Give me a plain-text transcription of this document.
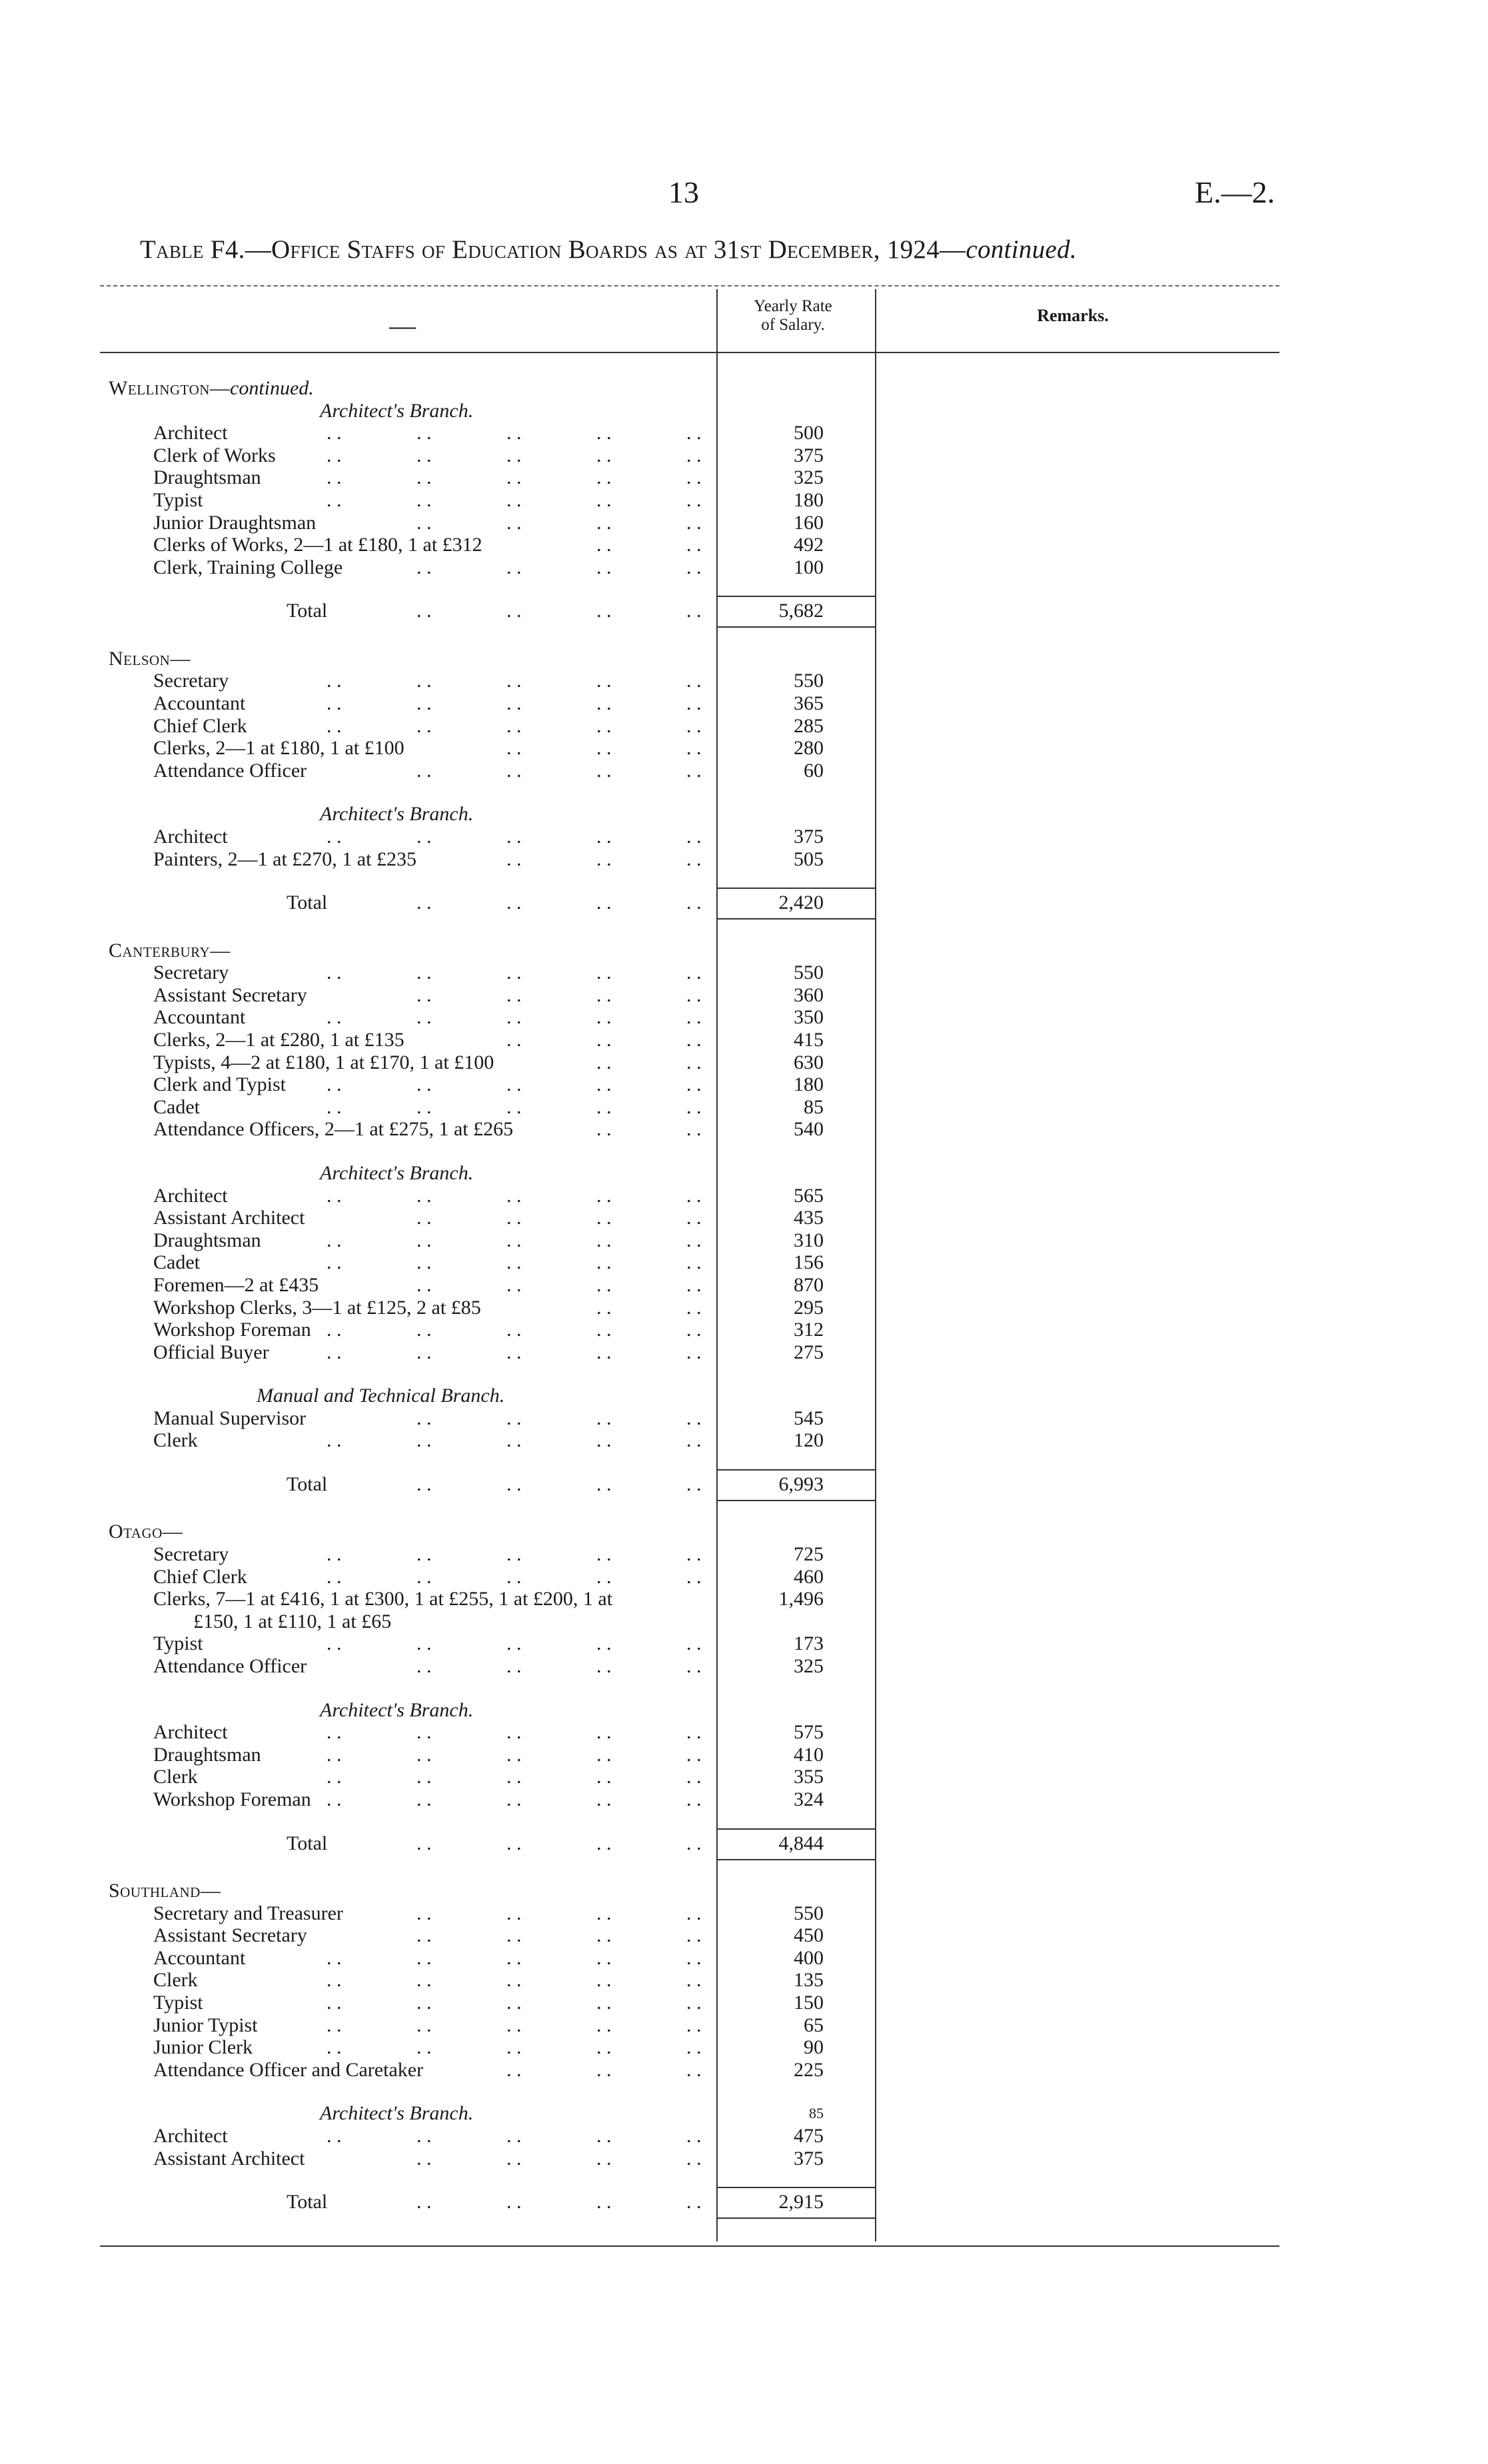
13	E.—2.
Table F4.—Office Staffs of Education Boards as at 31st December, 1924—continued.
—
Yearly Rate
of Salary.	Remarks.
Wellington— continued.
Architect's Branch.
Architect	. .	. .	. .	. .	. .	500
Clerk of Works	. .	. .	. .	. .	. .	375
Draughtsman	. .	. .	. .	. .	. .	325
Typist	. .	. .	. .	. .	. .	180
Junior Draughtsman	. .	. .	. .	. .	160
Clerks of Works, 2—1 at £180, 1 at £312	. .	. .	492
Clerk, Training College	. .	. .	. .	. .	100
Total	. .	. .	. .	. .	5,682
Nelson—
Secretary	. .	. .	. .	. .	. .	550
Accountant	. .	. .	. .	. .	. .	365
Chief Clerk	. .	. .	. .	. .	. .	285
Clerks, 2—1 at £180, 1 at £100	. .	. .	. .	280
Attendance Officer	. .	. .	. .	. .	60
Architect's Branch.
Architect	. .	. .	. .	. .	. .	375
Painters, 2—1 at £270, 1 at £235	. .	. .	. .	505
Total	. .	. .	. .	. .	2,420
Canterbury—
Secretary	. .	. .	. .	. .	. .	550
Assistant Secretary	. .	. .	. .	. .	360
Accountant	. .	. .	. .	. .	. .	350
Clerks, 2—1 at £280, 1 at £135	. .	. .	. .	415
Typists, 4—2 at £180, 1 at £170, 1 at £100	. .	. .	630
Clerk and Typist . .	. .	. .	. .	. .	180
Cadet	. .	. .	. .	. .	. .	85
Attendance Officers, 2—1 at £275, 1 at £265	. .	. .	540
Architect's Branch.
Architect	. .	. .	. .	. .	. .	565
Assistant Architect	. .	. .	. .	. .	435
Draughtsman	. .	. .	. .	. .	. .	310
Cadet	. .	. .	. .	. .	. .	156
Foremen—2 at £435	. .	. .	. .	. .	870
Workshop Clerks, 3—1 at £125, 2 at £85	. .	. .	295
Workshop Foreman . .	. .	. .	. .	. .	312
Official Buyer	. .	. .	. .	. .	. .	275
Manual and Technical Branch.
Manual Supervisor	. .	. .	. .	. .	545
Clerk	. .	. .	. .	. .	. .	120
Total	. .	. .	. .	. .	6,993
Otago—
Secretary	. .	. .	. .	. .	. .	725
Chief Clerk	. .	. .	. .	. .	. .	460
Clerks, 7—1 at £416, 1 at £300, 1 at £255, 1 at £200, 1 at	1,496
£150, 1 at £110, 1 at £65
Typist	. .	. .	. .	. .	. .	173
Attendance Officer	. .	. .	. .	. .	325
Architect's Branch.
Architect	. .	. .	. .	. .	. .	575
Draughtsman	. .	. .	. .	. .	. .	410
Clerk	. .	. .	. .	. .	. .	355
Workshop Foreman . .	. .	. .	. .	. .	324
Total	. .	. .	. .	. .	4,844
Southland—
Secretary and Treasurer	. .	. .	. .	. .	550
Assistant Secretary	. .	. .	. .	. .	450
Accountant	. .	. .	. .	. .	. .	400
Clerk	. .	. .	. .	. .	. .	135
Typist	. .	. .	. .	. .	. .	150
Junior Typist	. .	. .	. .	. .	. .	65
Junior Clerk	. .	. .	. .	. .	. .	90
Attendance Officer and Caretaker	. .	. .	. .	225
Architect's Branch.	85
Architect	. .	. .	. .	. .	. .	475
Assistant Architect	. .	. .	. .	. .	375
Total	. .	. .	. .	. .	2,915
